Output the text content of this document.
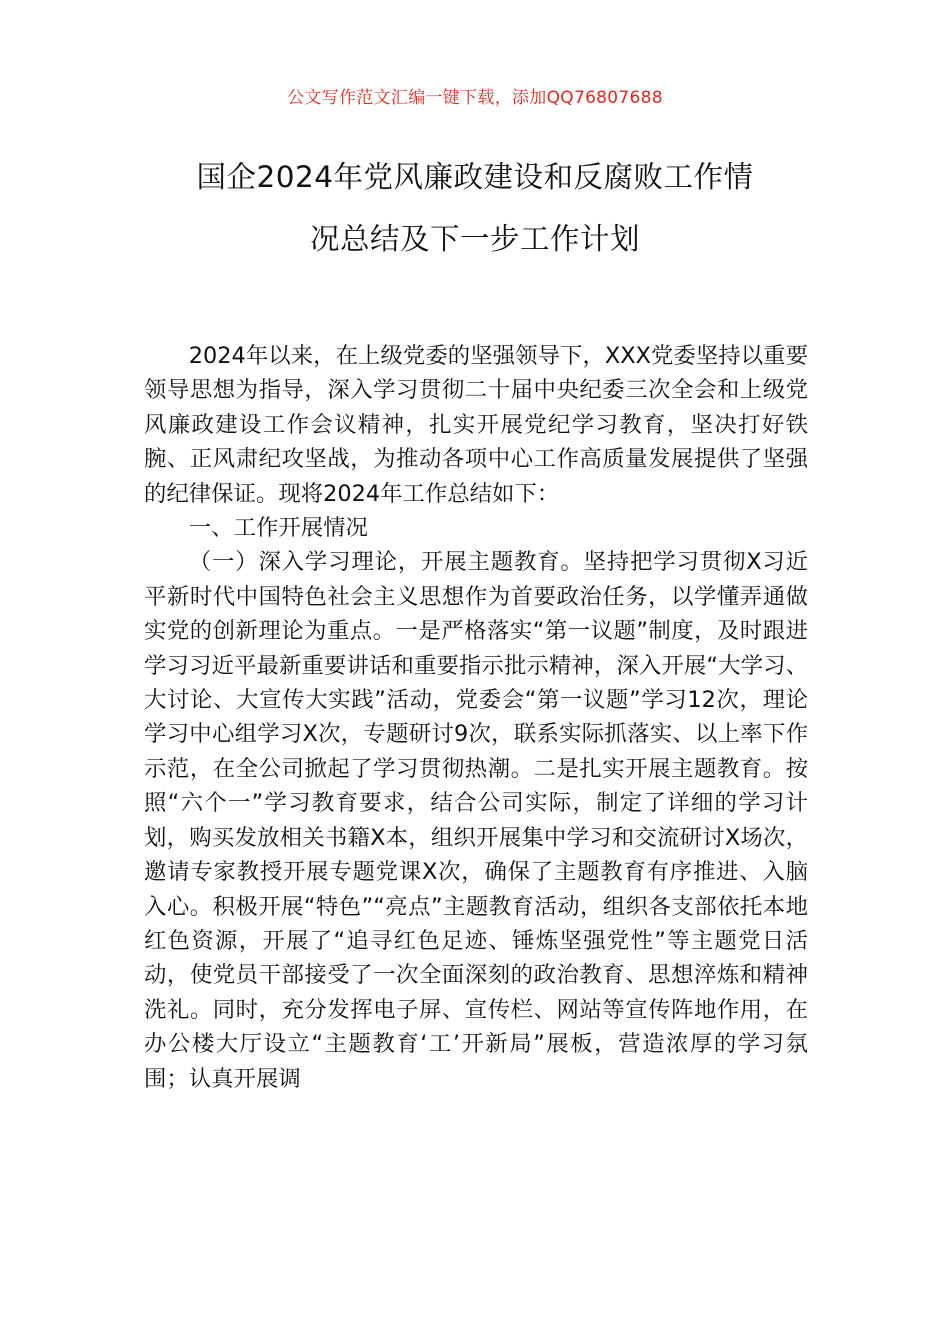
公文写作范文汇编一键下载，添加QQ76807688
国企2024年党风廉政建设和反腐败工作情
况总结及下一步工作计划

2024年以来，在上级党委的坚强领导下，XXX党委坚持以重要领导思想为指导，深入学习贯彻二十届中央纪委三次全会和上级党风廉政建设工作会议精神，扎实开展党纪学习教育，坚决打好铁腕、正风肃纪攻坚战，为推动各项中心工作高质量发展提供了坚强的纪律保证。现将2024年工作总结如下：

一、工作开展情况

（一）深入学习理论，开展主题教育。坚持把学习贯彻X习近平新时代中国特色社会主义思想作为首要政治任务，以学懂弄通做实党的创新理论为重点。一是严格落实“第一议题”制度，及时跟进学习习近平最新重要讲话和重要指示批示精神，深入开展“大学习、大讨论、大宣传大实践”活动，党委会“第一议题”学习12次，理论学习中心组学习X次，专题研讨9次，联系实际抓落实、以上率下作示范，在全公司掀起了学习贯彻热潮。二是扎实开展主题教育。按照“六个一”学习教育要求，结合公司实际，制定了详细的学习计划，购买发放相关书籍X本，组织开展集中学习和交流研讨X场次，邀请专家教授开展专题党课X次，确保了主题教育有序推进、入脑入心。积极开展“特色”“亮点”主题教育活动，组织各支部依托本地红色资源，开展了“追寻红色足迹、锤炼坚强党性”等主题党日活动，使党员干部接受了一次全面深刻的政治教育、思想淬炼和精神洗礼。同时，充分发挥电子屏、宣传栏、网站等宣传阵地作用，在办公楼大厅设立“主题教育‘工’开新局”展板，营造浓厚的学习氛围；认真开展调
